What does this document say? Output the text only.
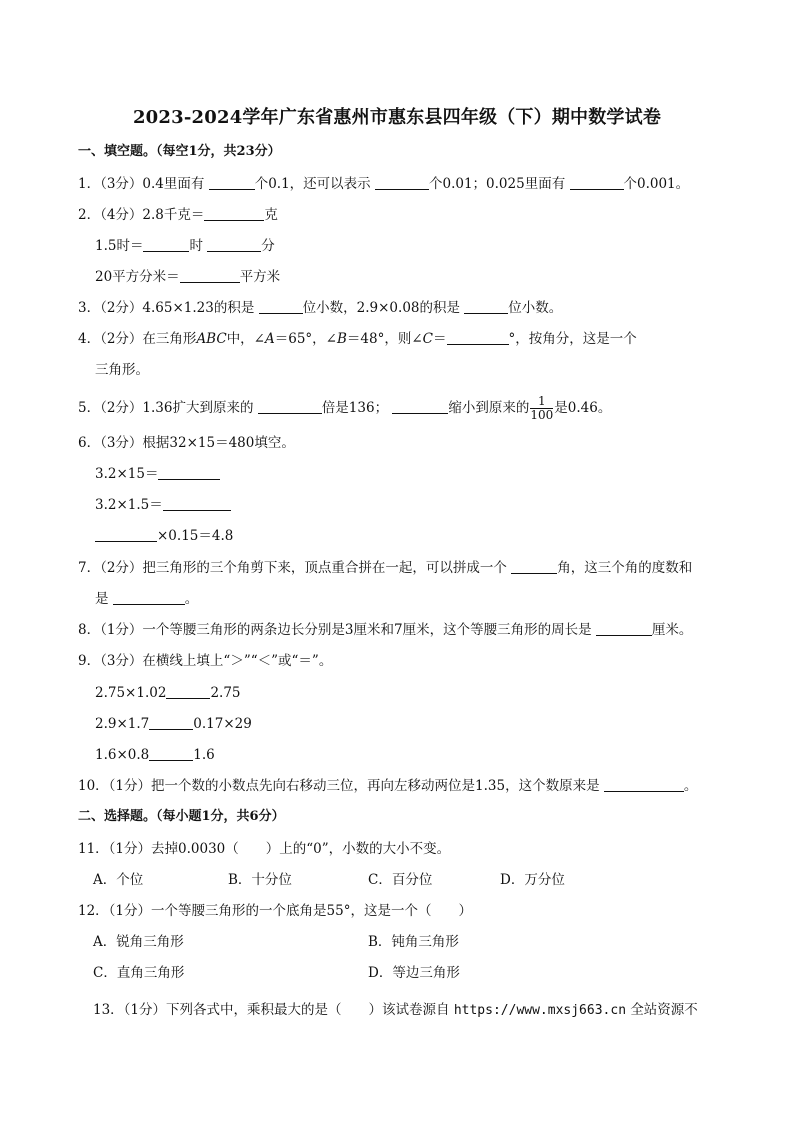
2023-2024学年广东省惠州市惠东县四年级（下）期中数学试卷
一、填空题。（每空1分，共23分）
1．（3分）0.4里面有	个0.1，还可以表示	个0.01；0.025里面有	个0.001。
2．（4分）2.8千克＝	克
1.5时＝	时	分
20平方分米＝	平方米
3．（2分）4.65×1.23的积是	位小数，2.9×0.08的积是	位小数。
4．（2分）在三角形ABC中，∠A＝65°，∠B＝48°，则∠C＝	°，按角分，这是一个
三角形。
5．（2分）1.36扩大到原来的	倍是136；	缩小到原来的 $\frac{1}{100}$ 是0.46。
6．（3分）根据32×15＝480填空。
3.2×15＝
3.2×1.5＝
×0.15＝4.8
7．（2分）把三角形的三个角剪下来，顶点重合拼在一起，可以拼成一个	角，这三个角的度数和
是	。
8．（1分）一个等腰三角形的两条边长分别是3厘米和7厘米，这个等腰三角形的周长是	厘米。
9．（3分）在横线上填上“＞”“＜”或“＝”。
2.75×1.02	2.75
2.9×1.7	0.17×29
1.6×0.8	1.6
10．（1分）把一个数的小数点先向右移动三位，再向左移动两位是1.35，这个数原来是	。
二、选择题。（每小题1分，共6分）
11．（1分）去掉0.0030（　　）上的“0”，小数的大小不变。
A．个位	B．十分位	C．百分位	D．万分位
12．（1分）一个等腰三角形的一个底角是55°，这是一个（　　）
A．锐角三角形	B．钝角三角形
C．直角三角形	D．等边三角形
13．（1分）下列各式中，乘积最大的是（　　）该试卷源自 https://www.mxsj663.cn 全站资源不
